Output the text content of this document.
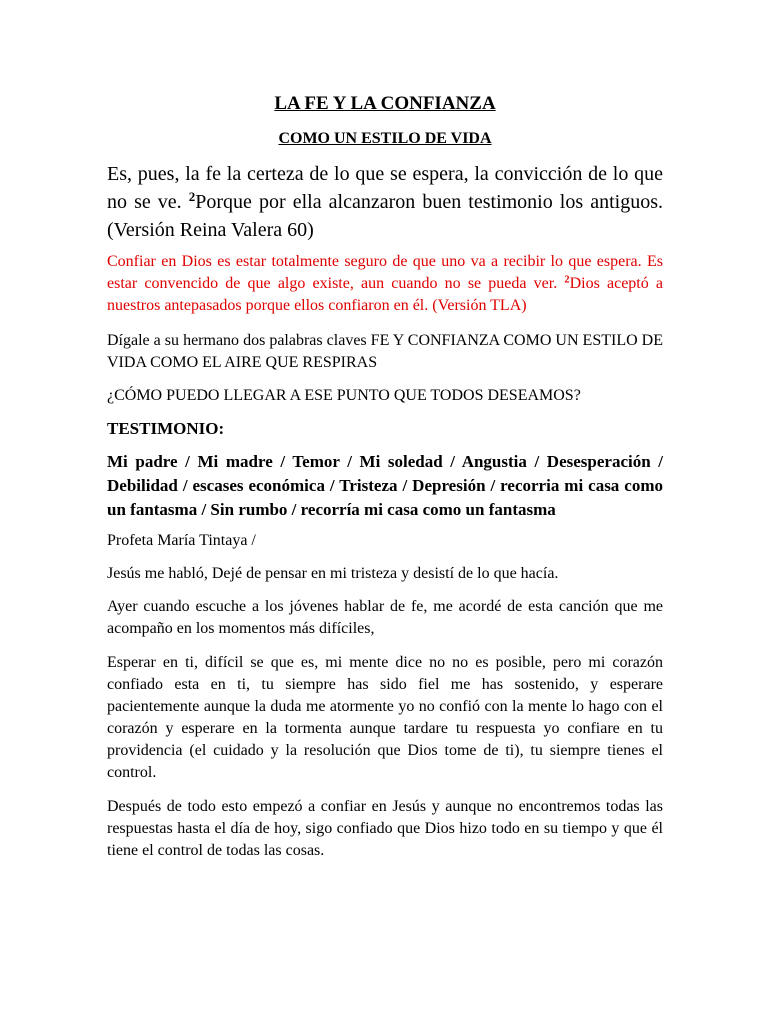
LA FE Y LA CONFIANZA
COMO UN ESTILO DE VIDA

Es, pues, la fe la certeza de lo que se espera, la convicción de lo que no se ve. $^2$Porque por ella alcanzaron buen testimonio los antiguos. (Versión Reina Valera 60)

Confiar en Dios es estar totalmente seguro de que uno va a recibir lo que espera. Es estar convencido de que algo existe, aun cuando no se pueda ver. $^2$Dios aceptó a nuestros antepasados porque ellos confiaron en él. (Versión TLA)

Dígale a su hermano dos palabras claves FE Y CONFIANZA COMO UN ESTILO DE VIDA COMO EL AIRE QUE RESPIRAS

¿CÓMO PUEDO LLEGAR A ESE PUNTO QUE TODOS DESEAMOS?

TESTIMONIO:

Mi padre / Mi madre / Temor / Mi soledad / Angustia / Desesperación / Debilidad / escases económica / Tristeza / Depresión / recorria mi casa como un fantasma / Sin rumbo / recorría mi casa como un fantasma

Profeta María Tintaya /

Jesús me habló, Dejé de pensar en mi tristeza y desistí de lo que hacía.

Ayer cuando escuche a los jóvenes hablar de fe, me acordé de esta canción que me acompaño en los momentos más difíciles,

Esperar en ti, difícil se que es, mi mente dice no no es posible, pero mi corazón confiado esta en ti, tu siempre has sido fiel me has sostenido, y esperare pacientemente aunque la duda me atormente yo no confió con la mente lo hago con el corazón y esperare en la tormenta aunque tardare tu respuesta yo confiare en tu providencia (el cuidado y la resolución que Dios tome de ti), tu siempre tienes el control.

Después de todo esto empezó a confiar en Jesús y aunque no encontremos todas las respuestas hasta el día de hoy, sigo confiado que Dios hizo todo en su tiempo y que él tiene el control de todas las cosas.
